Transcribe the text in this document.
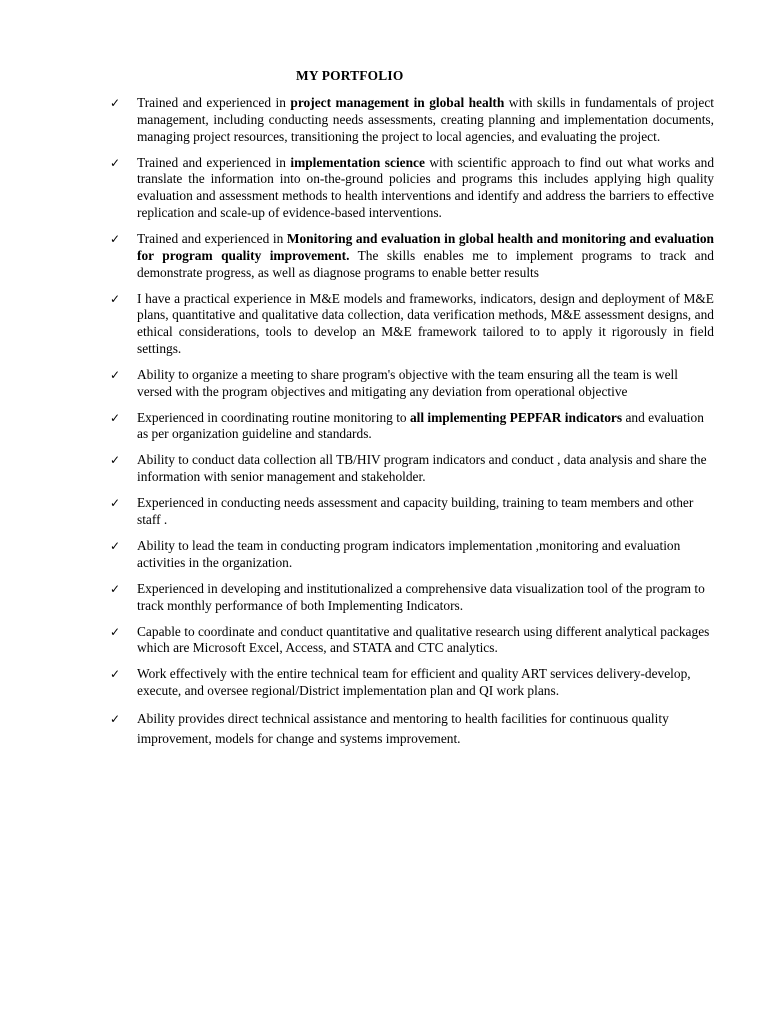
MY PORTFOLIO
✓ Trained and experienced in project management in global health with skills in fundamentals of project management, including conducting needs assessments, creating planning and implementation documents, managing project resources, transitioning the project to local agencies, and evaluating the project.

✓ Trained and experienced in implementation science with scientific approach to find out what works and translate the information into on-the-ground policies and programs this includes applying high quality evaluation and assessment methods to health interventions and identify and address the barriers to effective replication and scale-up of evidence-based interventions.

✓ Trained and experienced in Monitoring and evaluation in global health and monitoring and evaluation for program quality improvement. The skills enables me to implement programs to track and demonstrate progress, as well as diagnose programs to enable better results

✓ I have a practical experience in M&E models and frameworks, indicators, design and deployment of M&E plans, quantitative and qualitative data collection, data verification methods, M&E assessment designs, and ethical considerations, tools to develop an M&E framework tailored to to apply it rigorously in field settings.

✓ Ability to organize a meeting to share program's objective with the team ensuring all the team is well versed with the program objectives and mitigating any deviation from operational objective

✓ Experienced in coordinating routine monitoring to all implementing PEPFAR indicators and evaluation as per organization guideline and standards.

✓ Ability to conduct data collection all TB/HIV program indicators and conduct , data analysis and share the information with senior management and stakeholder.

✓ Experienced in conducting needs assessment and capacity building, training to team members and other staff .

✓ Ability to lead the team in conducting program indicators implementation ,monitoring and evaluation activities in the organization.

✓ Experienced in developing and institutionalized a comprehensive data visualization tool of the program to track monthly performance of both Implementing Indicators.

✓ Capable to coordinate and conduct quantitative and qualitative research using different analytical packages which are Microsoft Excel, Access, and STATA and CTC analytics.

✓ Work effectively with the entire technical team for efficient and quality ART services delivery-develop, execute, and oversee regional/District implementation plan and QI work plans.

✓ Ability provides direct technical assistance and mentoring to health facilities for continuous quality improvement, models for change and systems improvement.
